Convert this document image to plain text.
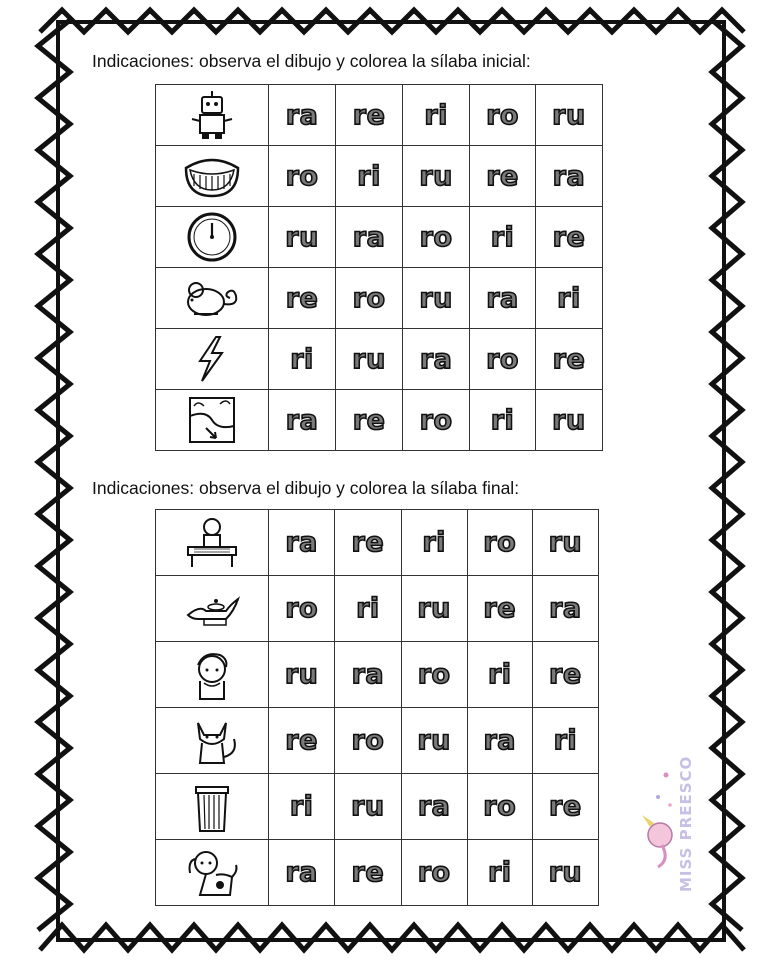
Indicaciones: observa el dibujo y colorea la sílaba inicial:
	ra	re	ri	ro	ru

	ro	ri	ru	re	ra

	ru	ra	ro	ri	re

	re	ro	ru	ra	ri

	ri	ru	ra	ro	re

	ra	re	ro	ri	ru
Indicaciones: observa el dibujo y colorea la sílaba final:
	ra	re	ri	ro	ru

	ro	ri	ru	re	ra

	ru	ra	ro	ri	re

	re	ro	ru	ra	ri

	ri	ru	ra	ro	re

	ra	re	ro	ri	ru	MISS PREESCO
